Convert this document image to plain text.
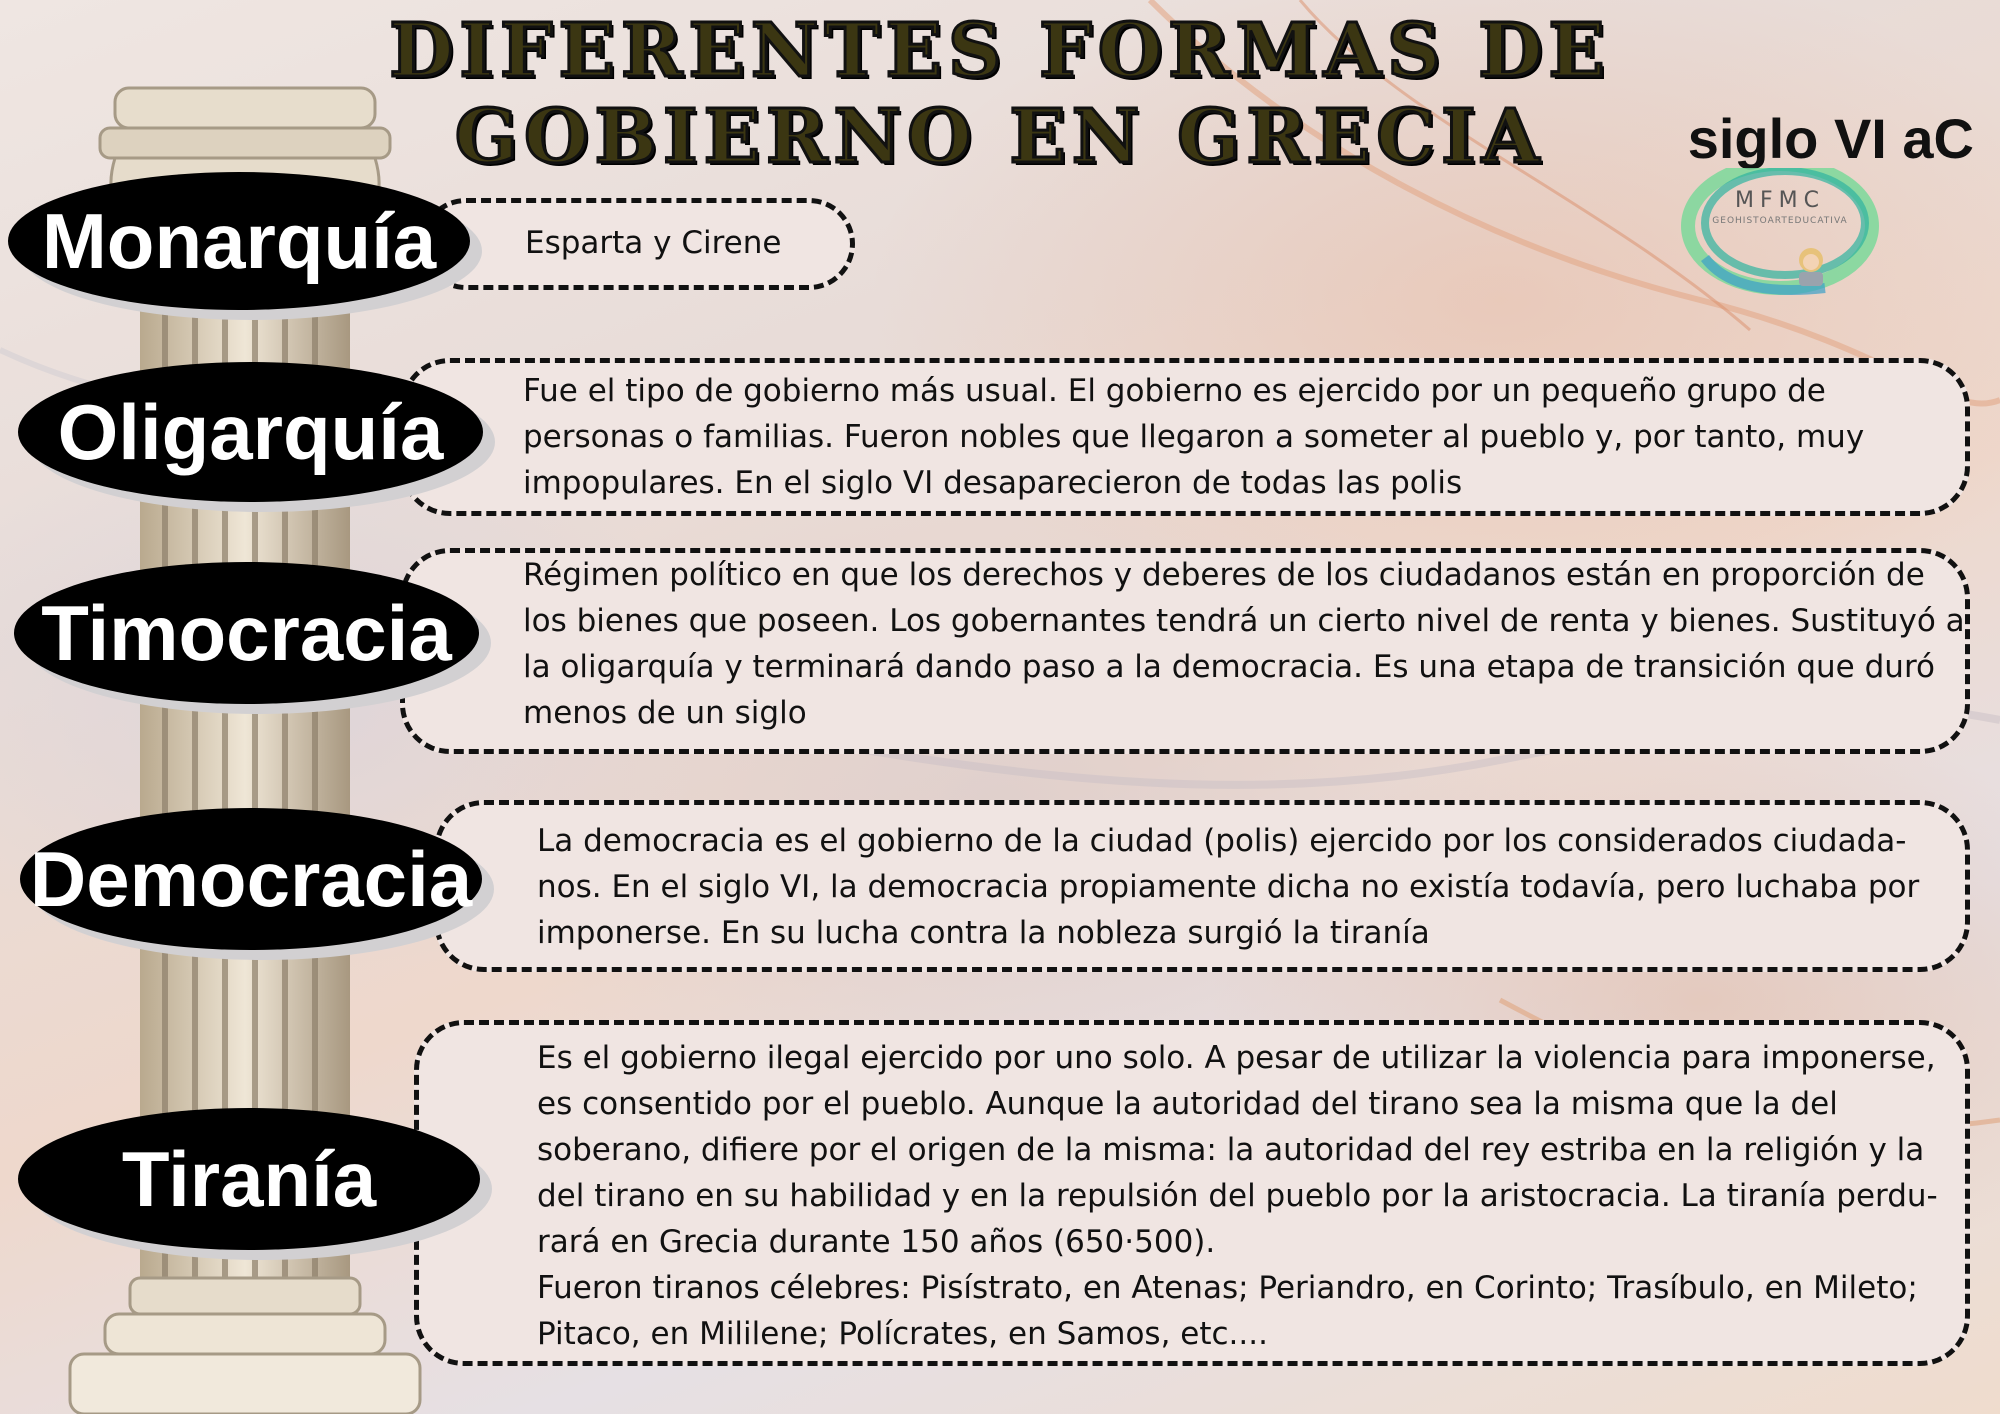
DIFERENTES FORMAS DE GOBIERNO EN GRECIA	siglo VI aC
MFMC
GEOHISTOARTEDUCATIVA
Monarquía	Esparta y Cirene
Oligarquía	Fue el tipo de gobierno más usual. El gobierno es ejercido por un pequeño grupo de
personas o familias. Fueron nobles que llegaron a someter al pueblo y, por tanto, muy
impopulares. En el siglo VI desaparecieron de todas las polis
Timocracia
Régimen político en que los derechos y deberes de los ciudadanos están en proporción de
los bienes que poseen. Los gobernantes tendrá un cierto nivel de renta y bienes. Sustituyó a
la oligarquía y terminará dando paso a la democracia. Es una etapa de transición que duró
menos de un siglo
Democracia	La democracia es el gobierno de la ciudad (polis) ejercido por los considerados ciudada-
nos. En el siglo VI, la democracia propiamente dicha no existía todavía, pero luchaba por
imponerse. En su lucha contra la nobleza surgió la tiranía
Tiranía
Es el gobierno ilegal ejercido por uno solo. A pesar de utilizar la violencia para imponerse,
es consentido por el pueblo. Aunque la autoridad del tirano sea la misma que la del
soberano, difiere por el origen de la misma: la autoridad del rey estriba en la religión y la
del tirano en su habilidad y en la repulsión del pueblo por la aristocracia. La tiranía perdu-
rará en Grecia durante 150 años (650·500).
Fueron tiranos célebres: Pisístrato, en Atenas; Periandro, en Corinto; Trasíbulo, en Mileto;
Pitaco, en Mililene; Polícrates, en Samos, etc....
